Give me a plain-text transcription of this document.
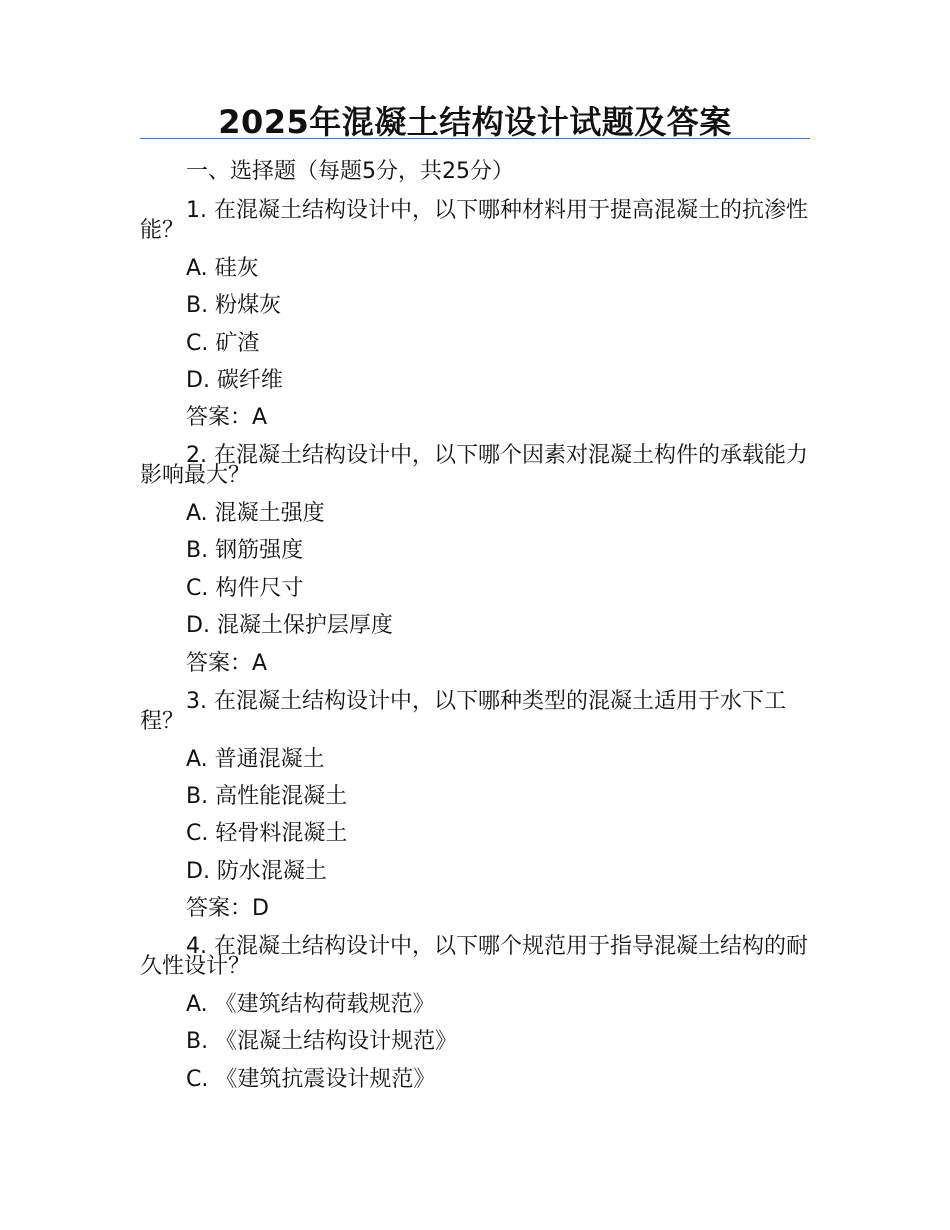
2025年混凝土结构设计试题及答案
一、选择题（每题5分，共25分）
1. 在混凝土结构设计中，以下哪种材料用于提高混凝土的抗渗性能？
A. 硅灰
B. 粉煤灰
C. 矿渣
D. 碳纤维
答案：A
2. 在混凝土结构设计中，以下哪个因素对混凝土构件的承载能力影响最大？
A. 混凝土强度
B. 钢筋强度
C. 构件尺寸
D. 混凝土保护层厚度
答案：A
3. 在混凝土结构设计中，以下哪种类型的混凝土适用于水下工程？
A. 普通混凝土
B. 高性能混凝土
C. 轻骨料混凝土
D. 防水混凝土
答案：D
4. 在混凝土结构设计中，以下哪个规范用于指导混凝土结构的耐久性设计？
A. 《建筑结构荷载规范》
B. 《混凝土结构设计规范》
C. 《建筑抗震设计规范》
